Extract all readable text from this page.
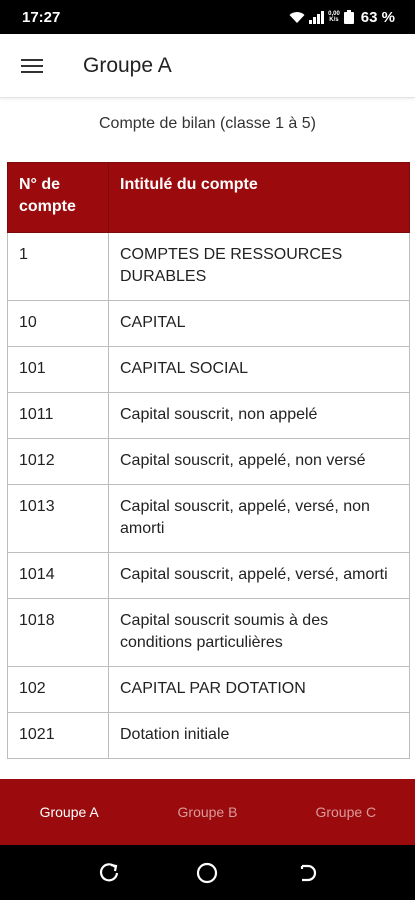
17:27	0,00
K/s 63 %
Groupe A
Compte de bilan (classe 1 à 5)
N° de compte	Intitulé du compte
1	COMPTES DE RESSOURCES DURABLES
10	CAPITAL
101	CAPITAL SOCIAL
1011	Capital souscrit, non appelé
1012	Capital souscrit, appelé, non versé
1013	Capital souscrit, appelé, versé, non amorti
1014	Capital souscrit, appelé, versé, amorti
1018	Capital souscrit soumis à des conditions particulières
102	CAPITAL PAR DOTATION
1021	Dotation initiale
Groupe A	Groupe B	Groupe C
